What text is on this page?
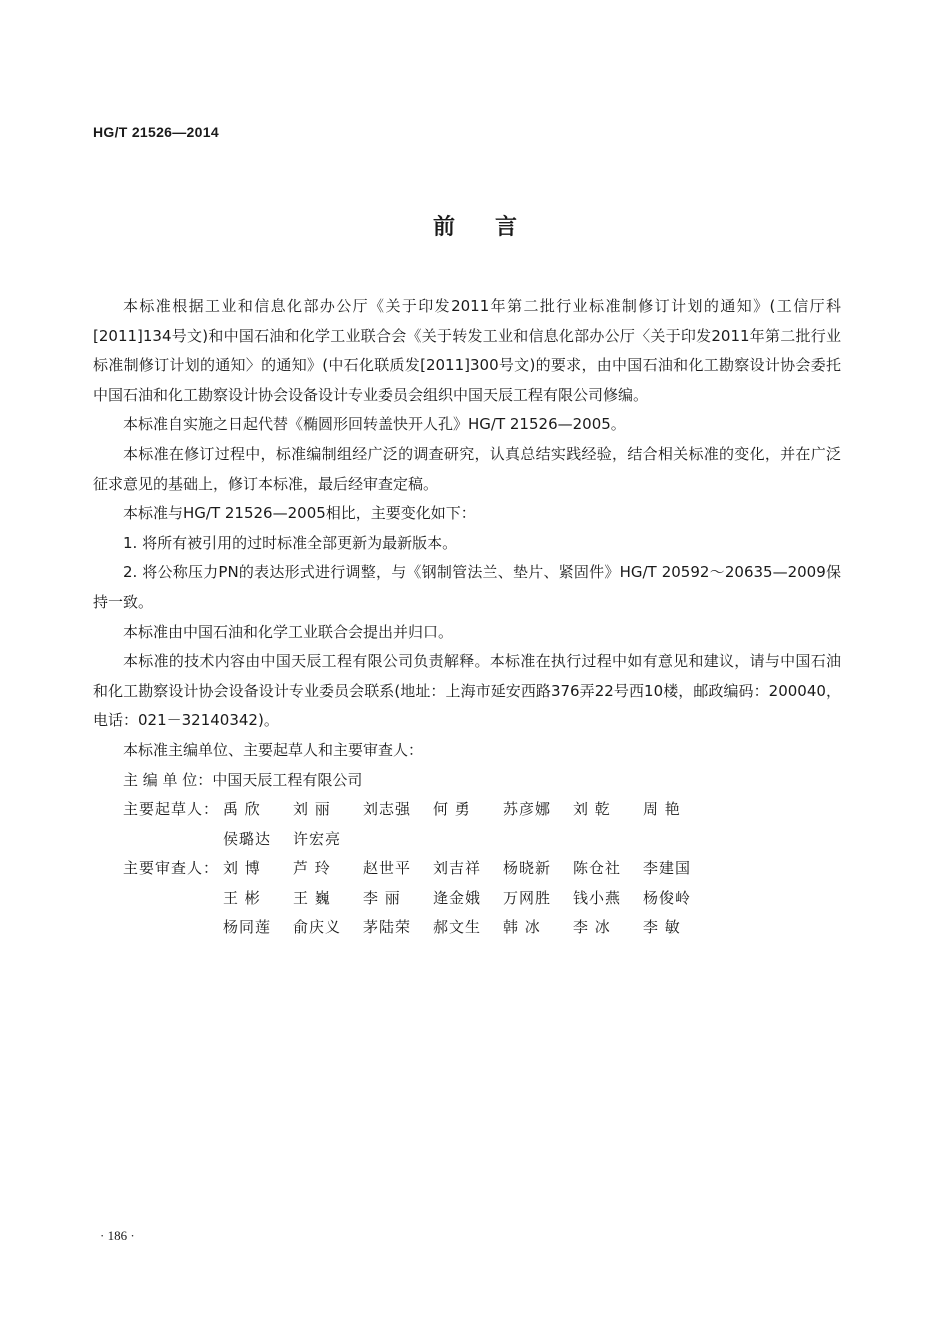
HG/T 21526—2014
前言

本标准根据工业和信息化部办公厅《关于印发2011年第二批行业标准制修订计划的通知》(工信厅科[2011]134号文)和中国石油和化学工业联合会《关于转发工业和信息化部办公厅〈关于印发2011年第二批行业标准制修订计划的通知〉的通知》(中石化联质发[2011]300号文)的要求，由中国石油和化工勘察设计协会委托中国石油和化工勘察设计协会设备设计专业委员会组织中国天辰工程有限公司修编。

本标准自实施之日起代替《椭圆形回转盖快开人孔》HG/T 21526—2005。

本标准在修订过程中，标准编制组经广泛的调查研究，认真总结实践经验，结合相关标准的变化，并在广泛征求意见的基础上，修订本标准，最后经审查定稿。

本标准与HG/T 21526—2005相比，主要变化如下：

1. 将所有被引用的过时标准全部更新为最新版本。

2. 将公称压力PN的表达形式进行调整，与《钢制管法兰、垫片、紧固件》HG/T 20592～20635—2009保持一致。

本标准由中国石油和化学工业联合会提出并归口。

本标准的技术内容由中国天辰工程有限公司负责解释。本标准在执行过程中如有意见和建议，请与中国石油和化工勘察设计协会设备设计专业委员会联系(地址：上海市延安西路376弄22号西10楼，邮政编码：200040，电话：021－32140342)。

本标准主编单位、主要起草人和主要审查人：

主 编 单 位：中国天辰工程有限公司

主要起草人： 禹 欣	刘 丽	刘志强	何 勇	苏彦娜	刘 乾	周 艳
侯璐达	许宏亮
主要审查人： 刘 博	芦 玲	赵世平	刘吉祥	杨晓新	陈仓社	李建国
王 彬	王 巍	李 丽	逄金娥	万网胜	钱小燕	杨俊岭
杨同莲	俞庆义	茅陆荣	郝文生	韩 冰	李 冰	李 敏
· 186 ·
